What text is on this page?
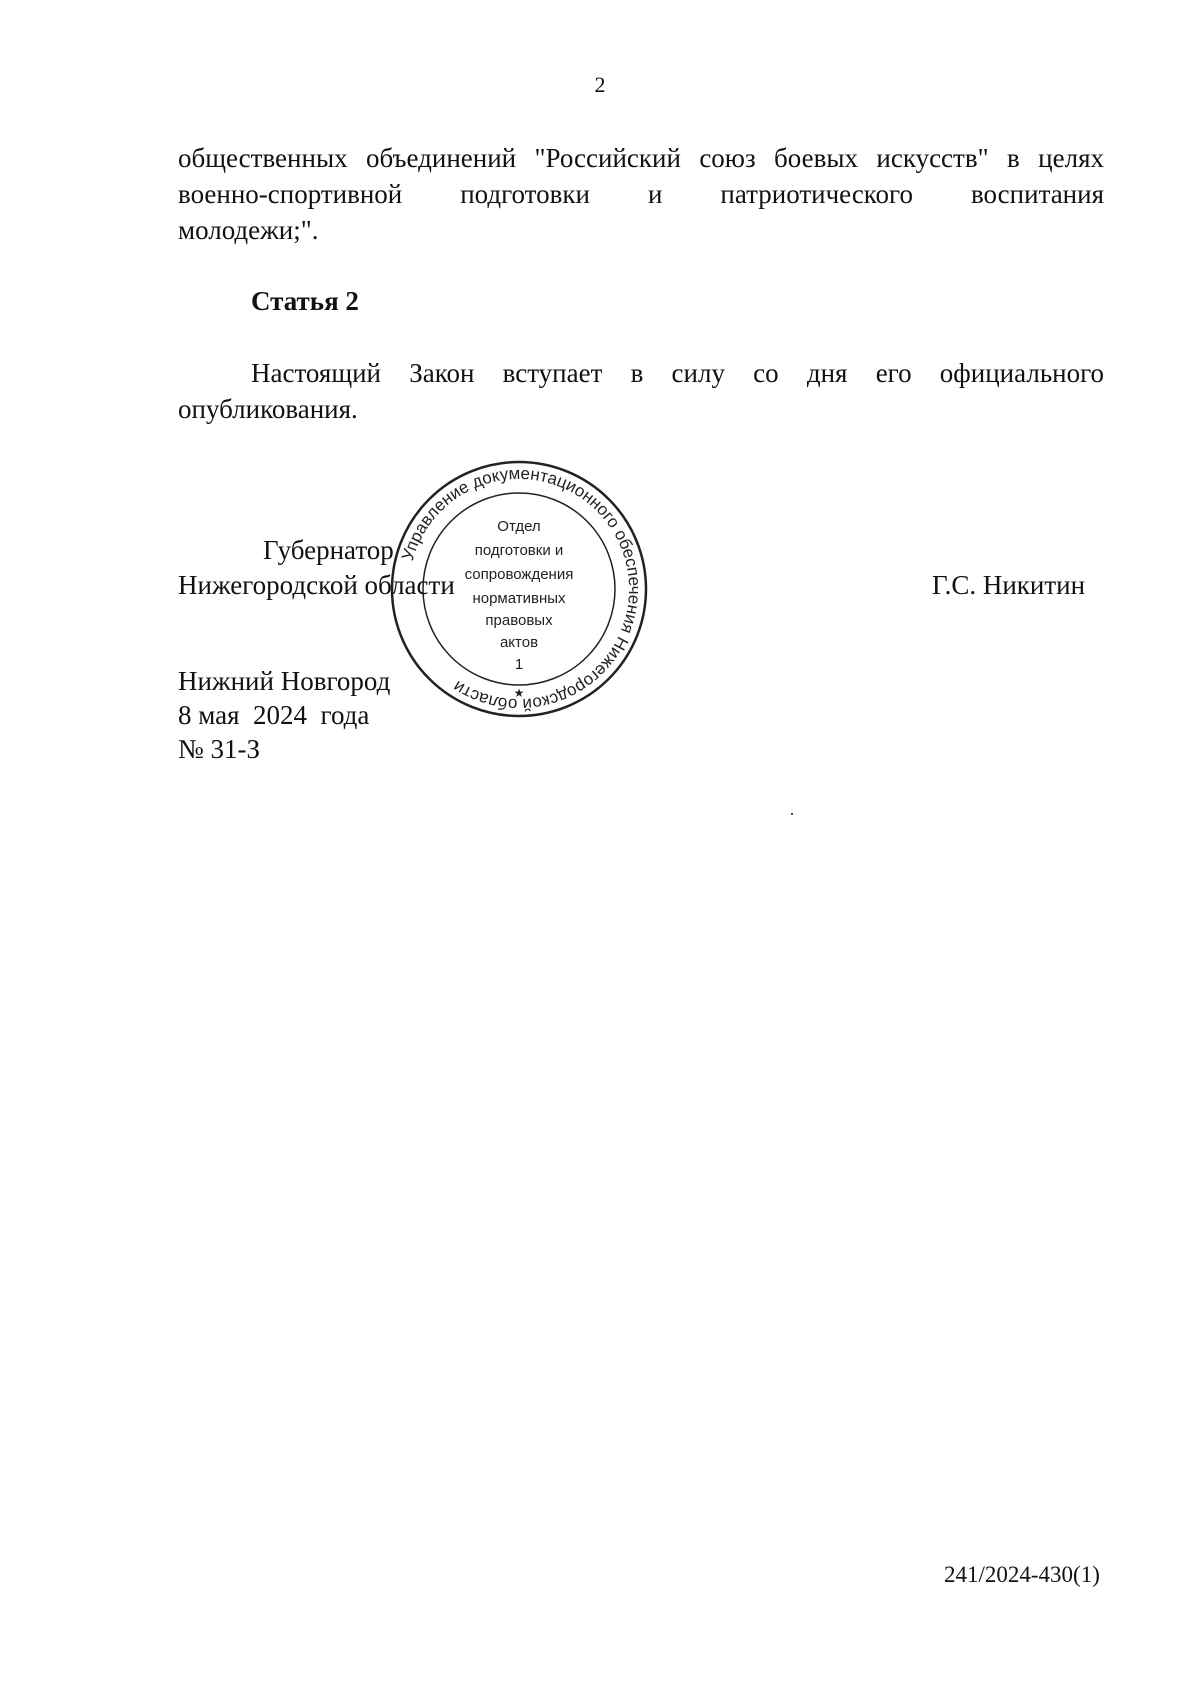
2
общественных объединений "Российский союз боевых искусств" в целях
военно-спортивной подготовки и патриотического воспитания
молодежи;".
Статья 2
Настоящий Закон вступает в силу со дня его официального
опубликования.
Управление документационного обеспечения Нижегородской области
Отдел
подготовки и
сопровождения
нормативных
правовых
актов
1
★
Губернатор
Нижегородской области	Г.С. Никитин
Нижний Новгород
8 мая  2024  года
№ 31-З
241/2024-430(1)
